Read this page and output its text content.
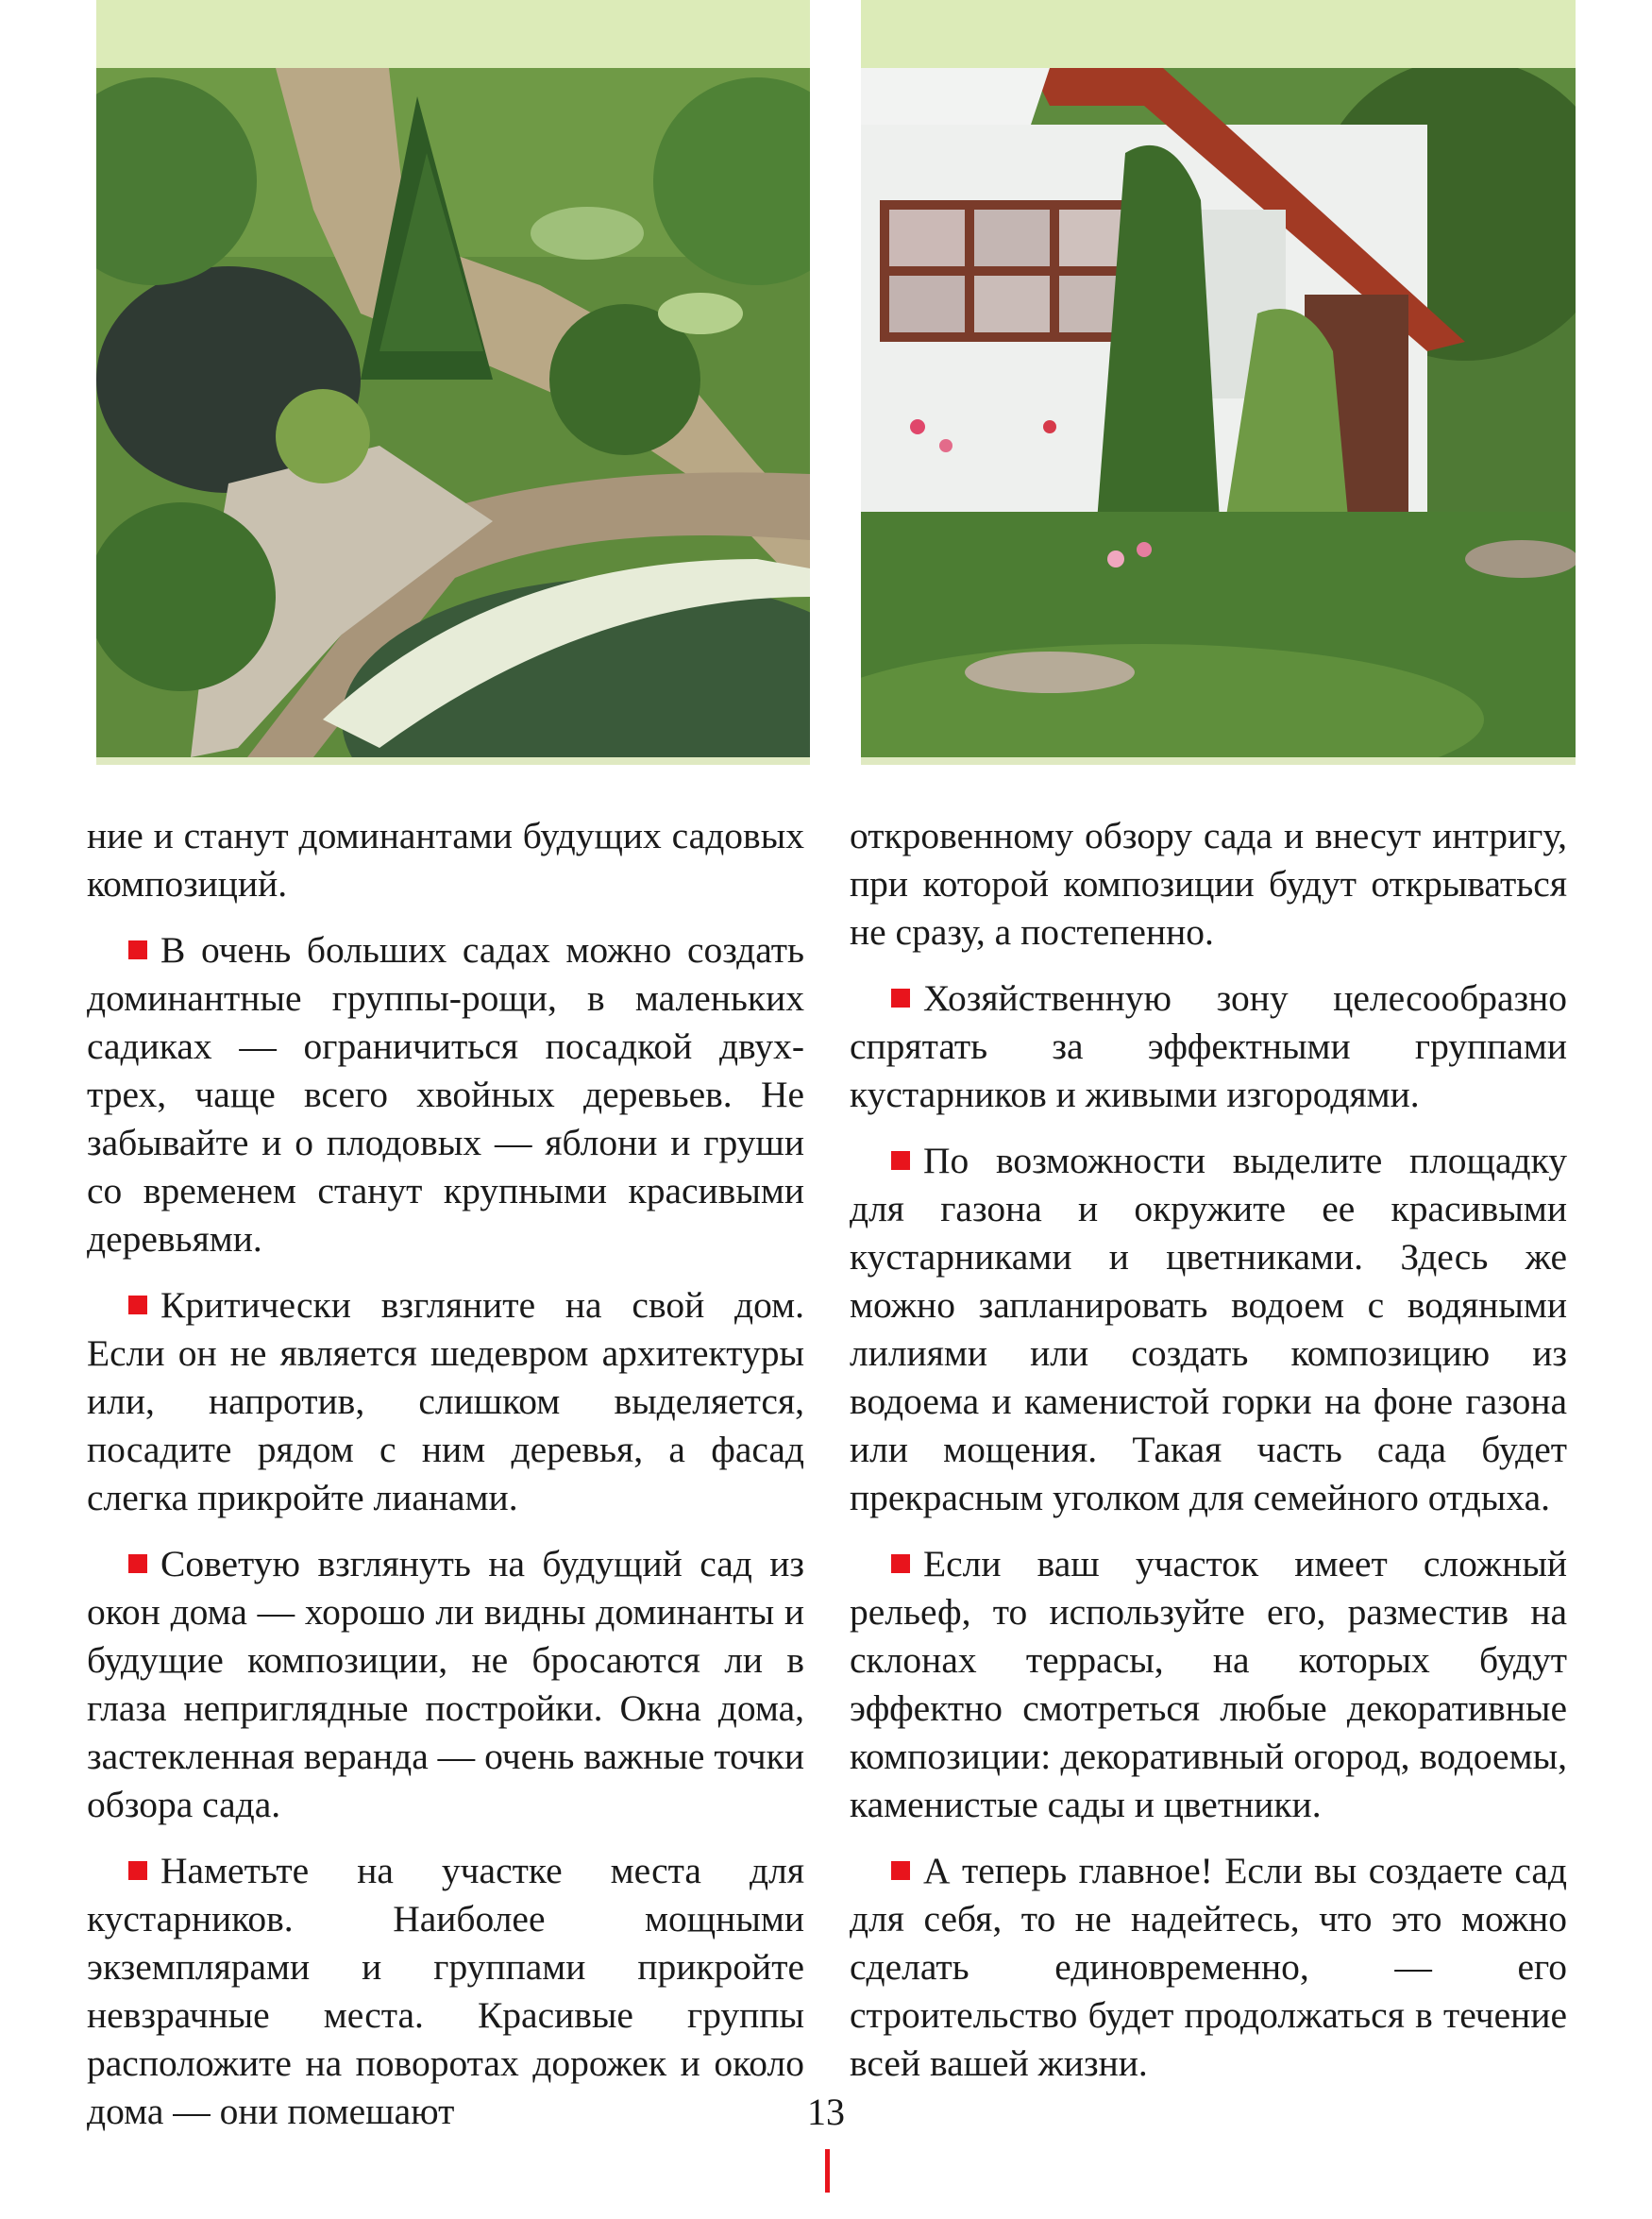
ние и станут доминантами будущих садовых композиций.

В очень больших садах можно создать доминантные группы-рощи, в маленьких садиках — ограничиться посадкой двух-трех, чаще всего хвойных деревьев. Не забывайте и о плодовых — яблони и груши со временем станут крупными красивыми деревьями.

Критически взгляните на свой дом. Если он не является шедевром архитектуры или, напротив, слишком выделяется, посадите рядом с ним деревья, а фасад слегка прикройте лианами.

Советую взглянуть на будущий сад из окон дома — хорошо ли видны доминанты и будущие композиции, не бросаются ли в глаза неприглядные постройки. Окна дома, застекленная веранда — очень важные точки обзора сада.

Наметьте на участке места для кустарников. Наиболее мощными экземплярами и группами прикройте невзрачные места. Красивые группы расположите на поворотах дорожек и около дома — они помешают

откровенному обзору сада и внесут интригу, при которой композиции будут открываться не сразу, а постепенно.

Хозяйственную зону целесообразно спрятать за эффектными группами кустарников и живыми изгородями.

По возможности выделите площадку для газона и окружите ее красивыми кустарниками и цветниками. Здесь же можно запланировать водоем с водяными лилиями или создать композицию из водоема и каменистой горки на фоне газона или мощения. Такая часть сада будет прекрасным уголком для семейного отдыха.

Если ваш участок имеет сложный рельеф, то используйте его, разместив на склонах террасы, на которых будут эффектно смотреться любые декоративные композиции: декоративный огород, водоемы, каменистые сады и цветники.

А теперь главное! Если вы создаете сад для себя, то не надейтесь, что это можно сделать единовременно, — его строительство будет продолжаться в течение всей вашей жизни.

13
